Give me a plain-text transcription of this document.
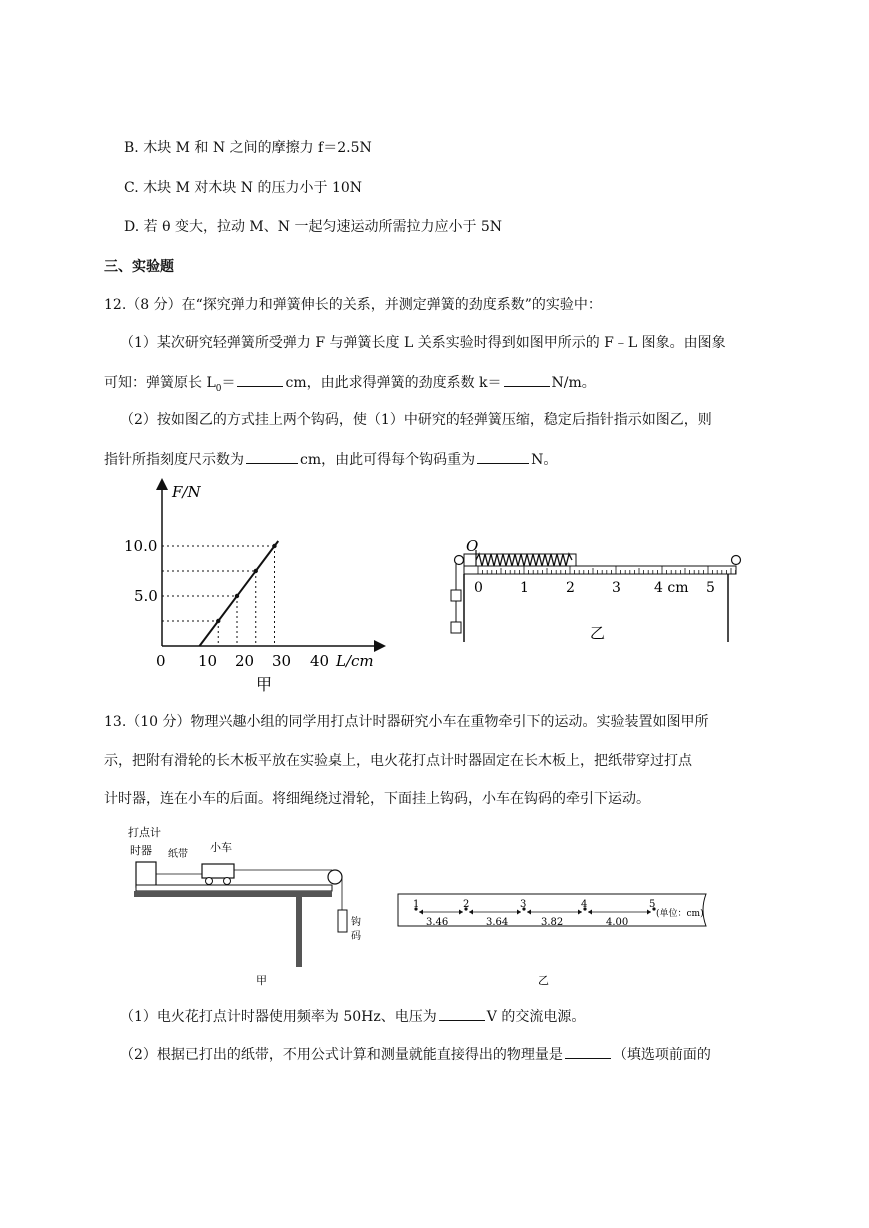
B. 木块 M 和 N 之间的摩擦力 f＝2.5N
C. 木块 M 对木块 N 的压力小于 10N
D. 若 θ 变大，拉动 M、N 一起匀速运动所需拉力应小于 5N
三、实验题
12.（8 分）在“探究弹力和弹簧伸长的关系，并测定弹簧的劲度系数”的实验中：
（1）某次研究轻弹簧所受弹力 F 与弹簧长度 L 关系实验时得到如图甲所示的 F﹣L 图象。由图象
可知：弹簧原长 $L_0=$	cm，由此求得弹簧的劲度系数 k＝	N/m。
（2）按如图乙的方式挂上两个钩码，使（1）中研究的轻弹簧压缩，稳定后指针指示如图乙，则
指针所指刻度尺示数为	cm，由此可得每个钩码重为	N。
F/N
L/cm
10.0
5.0
0 10 20 30 40
甲
O
0	1	2	3 4 cm 5
乙
13.（10 分）物理兴趣小组的同学用打点计时器研究小车在重物牵引下的运动。实验装置如图甲所
示，把附有滑轮的长木板平放在实验桌上，电火花打点计时器固定在长木板上，把纸带穿过打点
计时器，连在小车的后面。将细绳绕过滑轮，下面挂上钩码，小车在钩码的牵引下运动。
打点计
时器 纸带
小车
钩
码
甲
1	2	3	4	5
3.46	3.64	3.82	4.00
(单位：cm)
乙
（1）电火花打点计时器使用频率为 50Hz、电压为	V 的交流电源。
（2）根据已打出的纸带，不用公式计算和测量就能直接得出的物理量是	（填选项前面的
